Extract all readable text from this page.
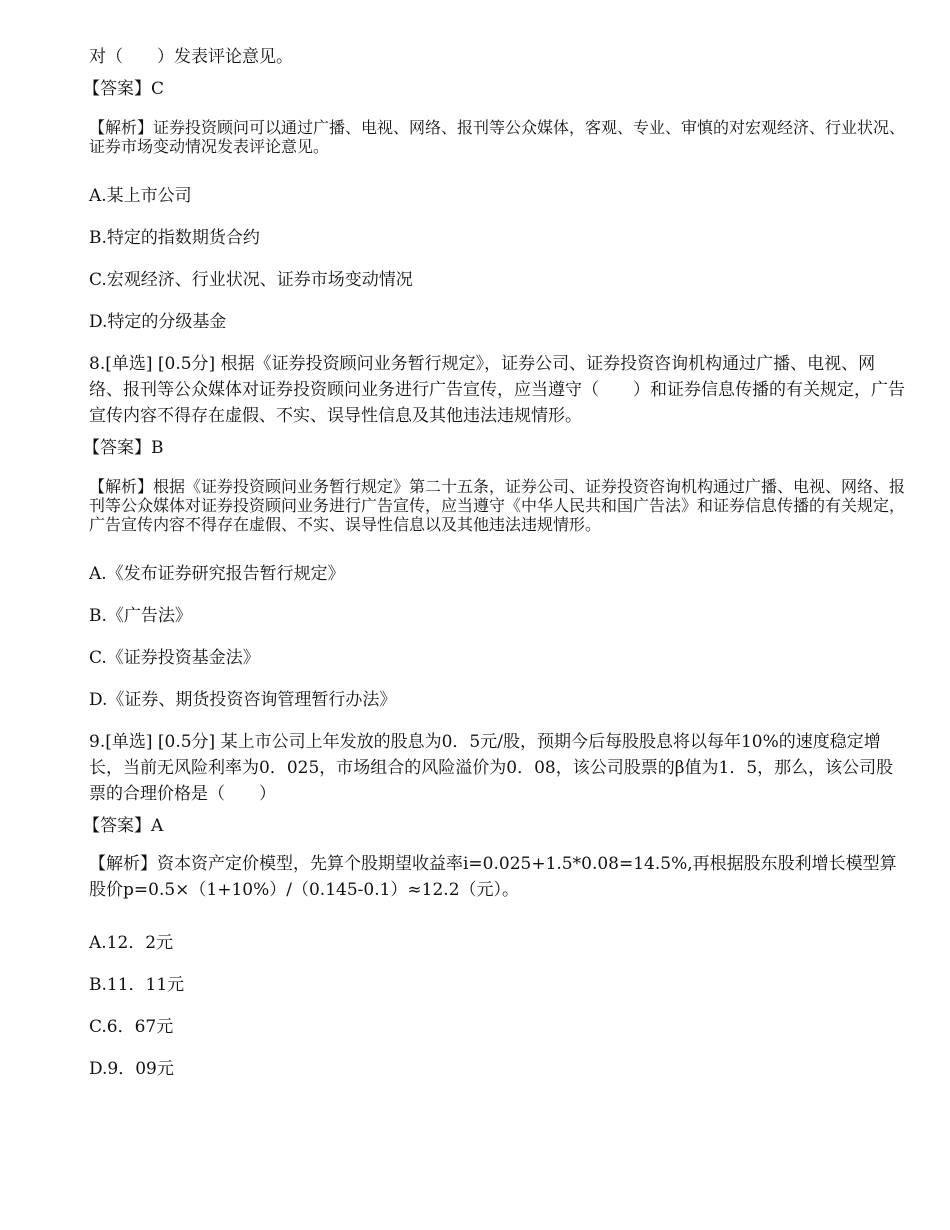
对（　　）发表评论意见。

【答案】C

【解析】证券投资顾问可以通过广播、电视、网络、报刊等公众媒体，客观、专业、审慎的对宏观经济、行业状况、证券市场变动情况发表评论意见。

A.某上市公司

B.特定的指数期货合约

C.宏观经济、行业状况、证券市场变动情况

D.特定的分级基金

8.[单选] [0.5分] 根据《证券投资顾问业务暂行规定》，证券公司、证券投资咨询机构通过广播、电视、网络、报刊等公众媒体对证券投资顾问业务进行广告宣传，应当遵守（　　）和证券信息传播的有关规定，广告宣传内容不得存在虚假、不实、误导性信息及其他违法违规情形。

【答案】B

【解析】根据《证券投资顾问业务暂行规定》第二十五条，证券公司、证券投资咨询机构通过广播、电视、网络、报刊等公众媒体对证券投资顾问业务进行广告宣传，应当遵守《中华人民共和国广告法》和证券信息传播的有关规定，广告宣传内容不得存在虚假、不实、误导性信息以及其他违法违规情形。

A.《发布证券研究报告暂行规定》

B.《广告法》

C.《证券投资基金法》

D.《证券、期货投资咨询管理暂行办法》

9.[单选] [0.5分] 某上市公司上年发放的股息为0．5元/股，预期今后每股股息将以每年10%的速度稳定增长，当前无风险利率为0．025，市场组合的风险溢价为0．08，该公司股票的β值为1．5，那么，该公司股票的合理价格是（　　）

【答案】A

【解析】资本资产定价模型，先算个股期望收益率i=0.025+1.5*0.08=14.5%,再根据股东股利增长模型算股价p=0.5×（1+10%）/（0.145-0.1）≈12.2（元）。

A.12．2元

B.11．11元

C.6．67元

D.9．09元
